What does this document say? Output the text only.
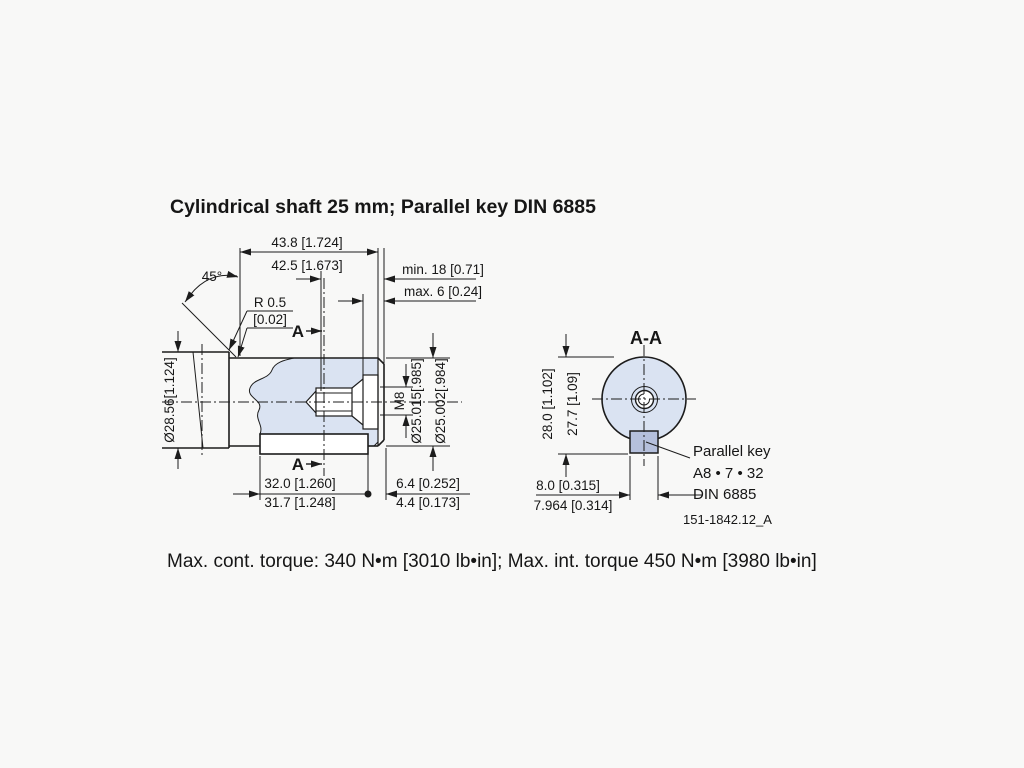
Cylindrical shaft 25 mm; Parallel key DIN 6885
Max. cont. torque: 340 N•m [3010 lb•in]; Max. int. torque 450 N•m [3980 lb•in]
43.8 [1.724]
42.5 [1.673]	min. 18 [0.71]
max. 6 [0.24]
R 0.5
[0.02]
45°
Ø28.56[1.124]	Ø25.015[.985] Ø25.002[.984]
M8
32.0 [1.260]
31.7 [1.248]
6.4 [0.252]
4.4 [0.173]
A
A
A-A
28.0 [1.102] 27.7 [1.09]
8.0 [0.315]
7.964 [0.314]
Parallel key
A8 • 7 • 32
DIN 6885
151-1842.12_A
